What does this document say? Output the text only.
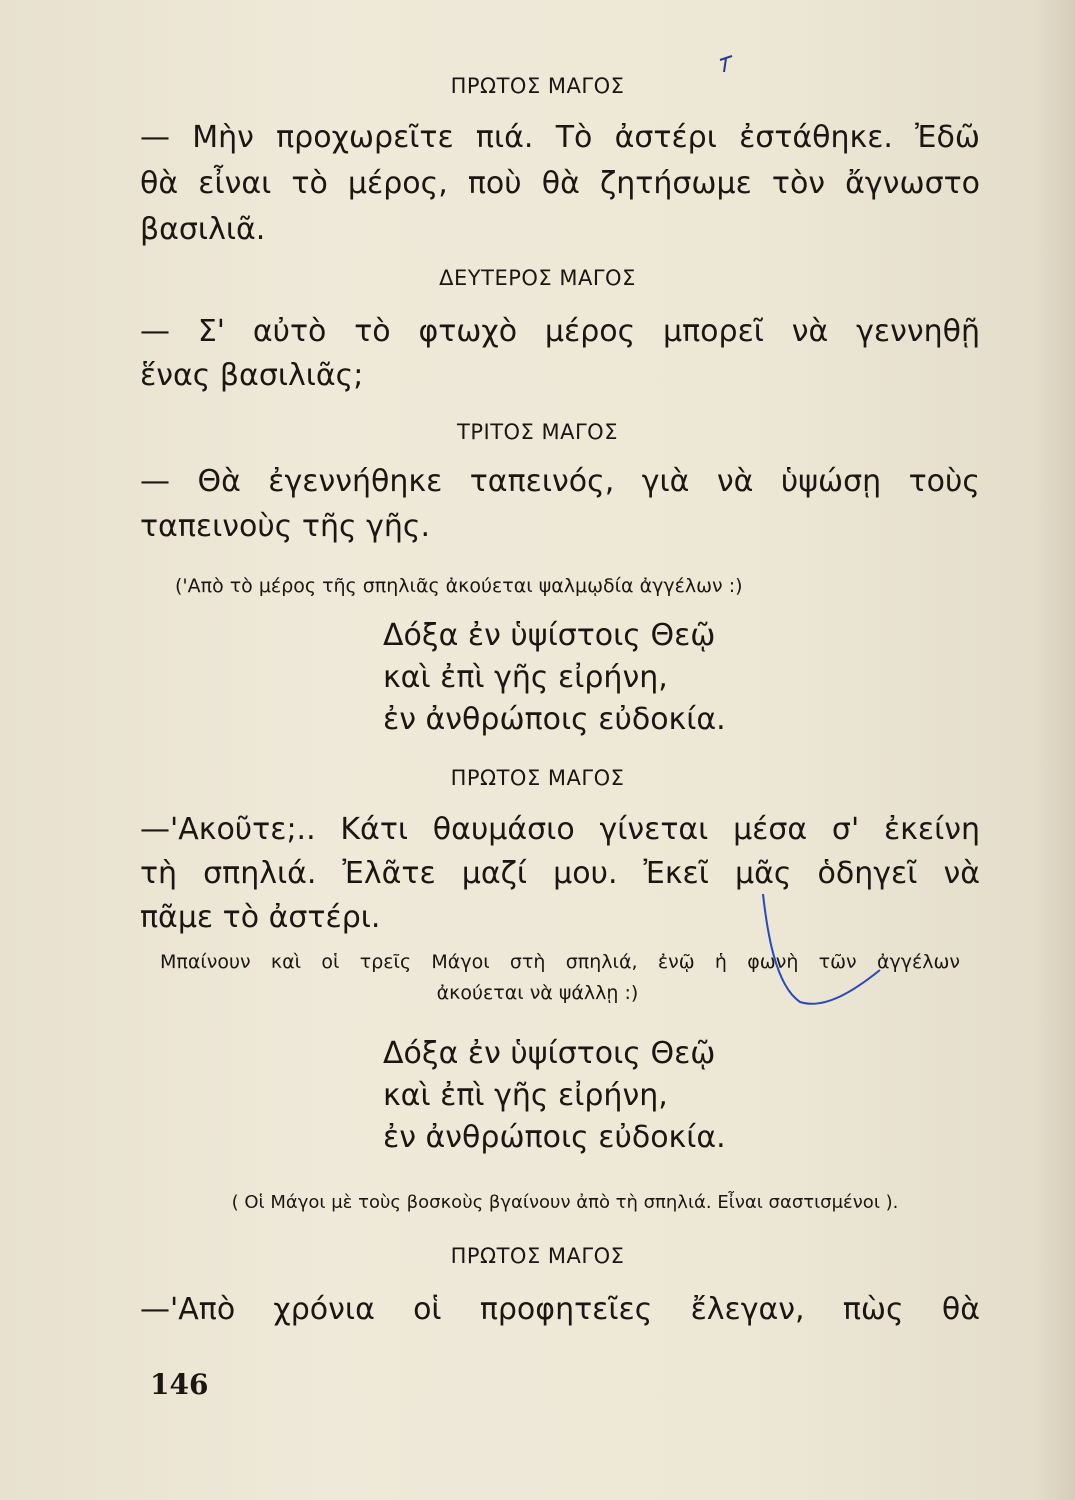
ΠΡΩΤΟΣ ΜΑΓΟΣ
— Μὴν προχωρεῖτε πιά. Τὸ ἀστέρι ἐστάθηκε. Ἐδῶ
θὰ εἶναι τὸ μέρος, ποὺ θὰ ζητήσωμε τὸν ἄγνωστο
βασιλιᾶ.
ΔΕΥΤΕΡΟΣ ΜΑΓΟΣ
— Σ' αὐτὸ τὸ φτωχὸ μέρος μπορεῖ νὰ γεννηθῇ
ἕνας βασιλιᾶς;
ΤΡΙΤΟΣ ΜΑΓΟΣ
— Θὰ ἐγεννήθηκε ταπεινός, γιὰ νὰ ὑψώσῃ τοὺς
ταπεινοὺς τῆς γῆς.
('Απὸ τὸ μέρος τῆς σπηλιᾶς ἀκούεται ψαλμῳδία ἀγγέλων :)
Δόξα ἐν ὑψίστοις Θεῷ
καὶ ἐπὶ γῆς εἰρήνη,
ἐν ἀνθρώποις εὐδοκία.
ΠΡΩΤΟΣ ΜΑΓΟΣ
—'Ακοῦτε;.. Κάτι θαυμάσιο γίνεται μέσα σ' ἐκείνη
τὴ σπηλιά. Ἐλᾶτε μαζί μου. Ἐκεῖ μᾶς ὁδηγεῖ νὰ
πᾶμε τὸ ἀστέρι.
Μπαίνουν καὶ οἱ τρεῖς Μάγοι στὴ σπηλιά, ἐνῷ ἡ φωνὴ τῶν ἀγγέλων
ἀκούεται νὰ ψάλλῃ :)
Δόξα ἐν ὑψίστοις Θεῷ
καὶ ἐπὶ γῆς εἰρήνη,
ἐν ἀνθρώποις εὐδοκία.
( Οἱ Μάγοι μὲ τοὺς βοσκοὺς βγαίνουν ἀπὸ τὴ σπηλιά. Εἶναι σαστισμένοι ).
ΠΡΩΤΟΣ ΜΑΓΟΣ
—'Απὸ χρόνια οἱ προφητεῖες ἔλεγαν, πὼς θὰ
146
